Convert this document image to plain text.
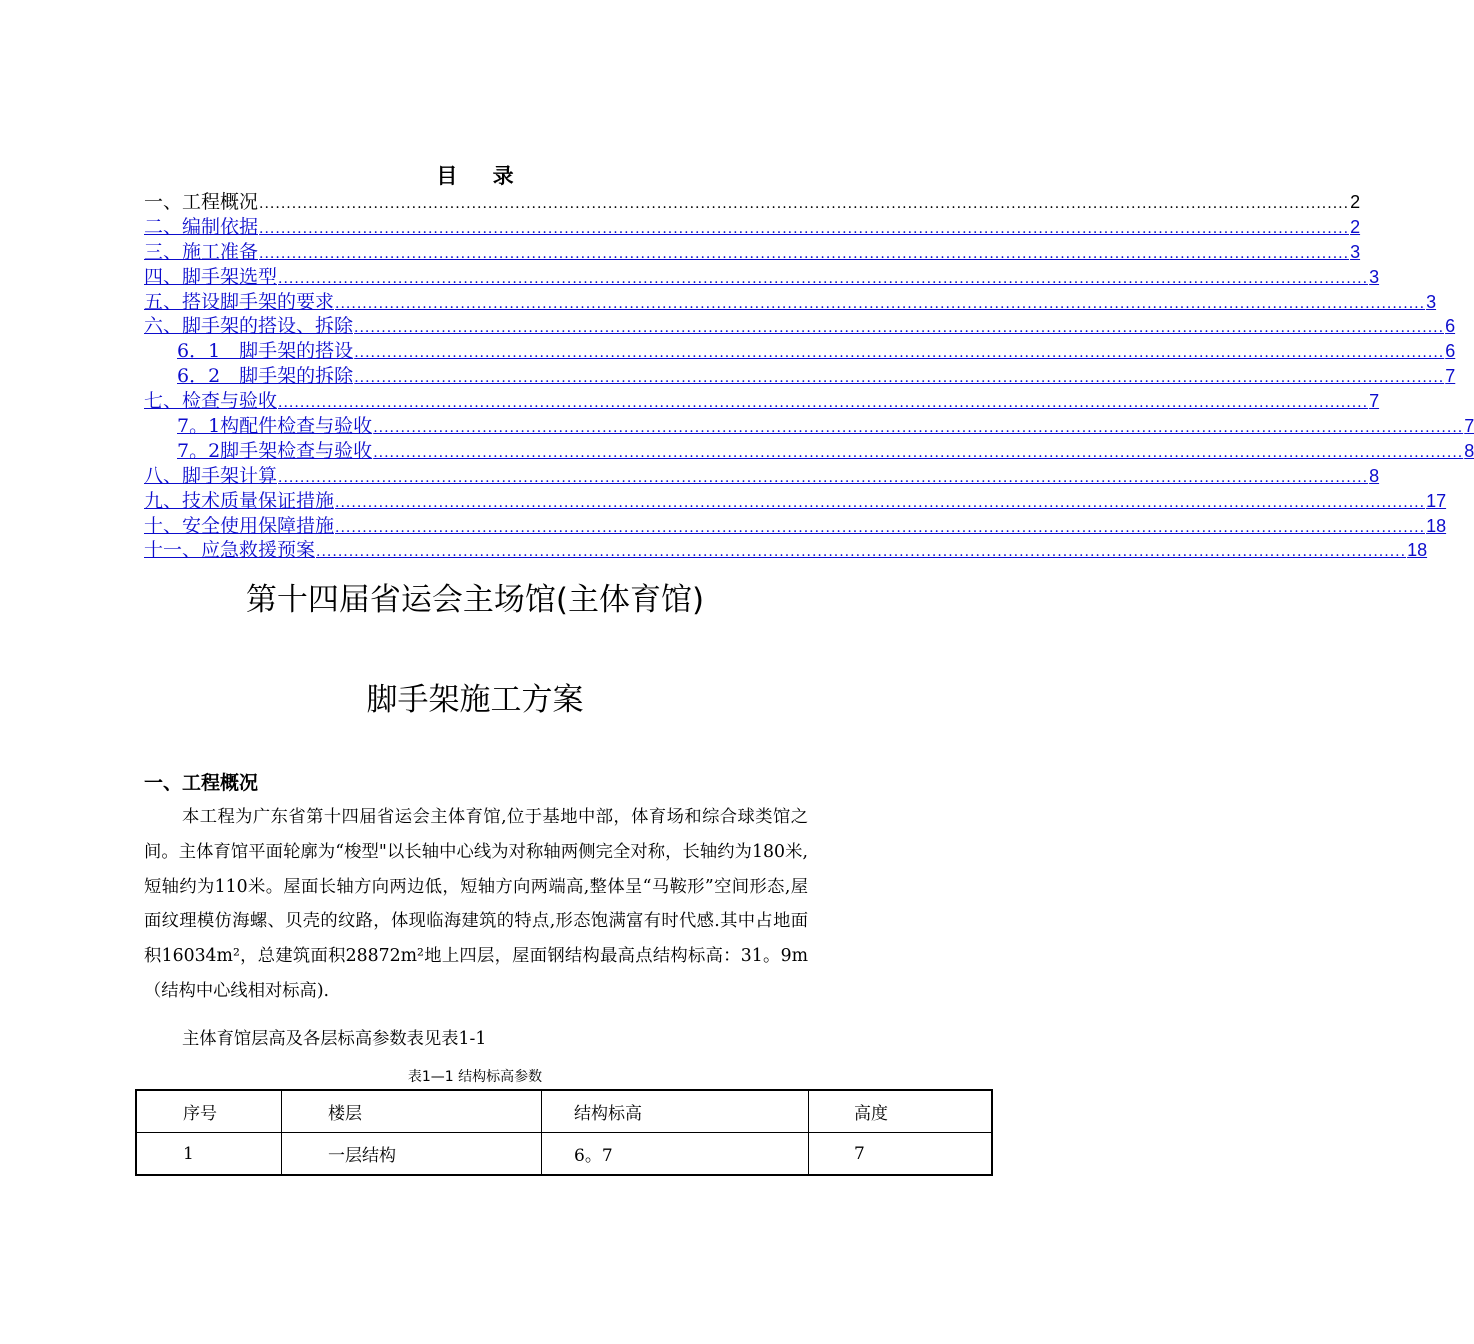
目 录
一、工程概况 ........................................................................................................................................................................................................ 2
二、编制依据 ........................................................................................................................................................................................................ 2
三、施工准备 ........................................................................................................................................................................................................ 3
四、脚手架选型 ........................................................................................................................................................................................................ 3
五、搭设脚手架的要求 ........................................................................................................................................................................................................ 3
六、脚手架的搭设、拆除 ........................................................................................................................................................................................................ 6
6．1　脚手架的搭设 ........................................................................................................................................................................................................ 6
6．2　脚手架的拆除 ........................................................................................................................................................................................................ 7
七、检查与验收 ........................................................................................................................................................................................................ 7
7。1构配件检查与验收 ........................................................................................................................................................................................................ 7
7。2脚手架检查与验收 ........................................................................................................................................................................................................ 8
八、脚手架计算 ........................................................................................................................................................................................................ 8
九、技术质量保证措施 ........................................................................................................................................................................................................ 17
十、安全使用保障措施 ........................................................................................................................................................................................................ 18
十一、应急救援预案 ........................................................................................................................................................................................................ 18
第十四届省运会主场馆(主体育馆)
脚手架施工方案
一、工程概况
本工程为广东省第十四届省运会主体育馆,位于基地中部，体育场和综合球类馆之间。主体育馆平面轮廓为“梭型"以长轴中心线为对称轴两侧完全对称，长轴约为180米,短轴约为110米。屋面长轴方向两边低，短轴方向两端高,整体呈“马鞍形”空间形态,屋面纹理模仿海螺、贝壳的纹路，体现临海建筑的特点,形态饱满富有时代感.其中占地面积16034m²，总建筑面积28872m²地上四层，屋面钢结构最高点结构标高：31。9m（结构中心线相对标高).
主体育馆层高及各层标高参数表见表1-1
表1—1 结构标高参数
序号	楼层	结构标高	高度
1	一层结构	6。7	7
